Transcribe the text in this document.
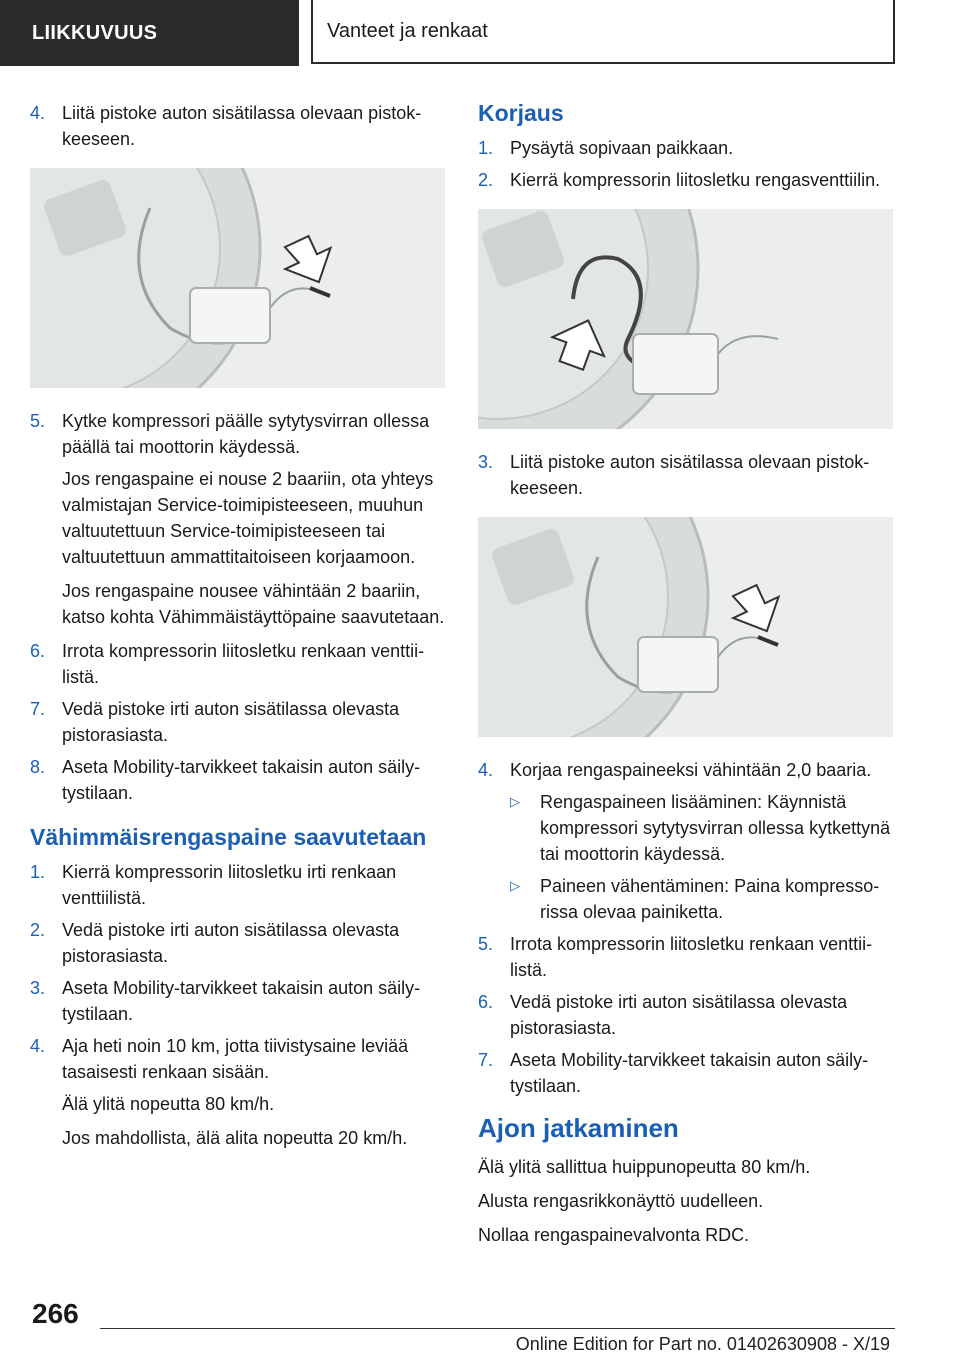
LIIKKUVUUS	Vanteet ja renkaat
4. Liitä pistoke auton sisätilassa olevaan pistokkeeseen.
5. Kytke kompressori päälle sytytysvirran ollessa päällä tai moottorin käydessä.
Jos rengaspaine ei nouse 2 baariin, ota yhteys valmistajan Service-toimipisteeseen, muuhun valtuutettuun Service-toimipisteeseen tai valtuutettuun ammattitaitoiseen korjaamoon.
Jos rengaspaine nousee vähintään 2 baariin, katso kohta Vähimmäistäyttöpaine saavutetaan.
6. Irrota kompressorin liitosletku renkaan venttiilistä.
7. Vedä pistoke irti auton sisätilassa olevasta pistorasiasta.
8. Aseta Mobility-tarvikkeet takaisin auton säilytystilaan.
Vähimmäisrengaspaine saavutetaan
1. Kierrä kompressorin liitosletku irti renkaan venttiilistä.
2. Vedä pistoke irti auton sisätilassa olevasta pistorasiasta.
3. Aseta Mobility-tarvikkeet takaisin auton säilytystilaan.
4. Aja heti noin 10 km, jotta tiivistysaine leviää tasaisesti renkaan sisään.
Älä ylitä nopeutta 80 km/h.
Jos mahdollista, älä alita nopeutta 20 km/h.
Korjaus
1. Pysäytä sopivaan paikkaan.
2. Kierrä kompressorin liitosletku rengasventtiilin.
3. Liitä pistoke auton sisätilassa olevaan pistokkeeseen.
4. Korjaa rengaspaineeksi vähintään 2,0 baaria.
▷	Rengaspaineen lisääminen: Käynnistä kompressori sytytysvirran ollessa kytkettynä tai moottorin käydessä.
▷	Paineen vähentäminen: Paina kompressorissa olevaa painiketta.
5. Irrota kompressorin liitosletku renkaan venttiilistä.
6. Vedä pistoke irti auton sisätilassa olevasta pistorasiasta.
7. Aseta Mobility-tarvikkeet takaisin auton säilytystilaan.
Ajon jatkaminen
Älä ylitä sallittua huippunopeutta 80 km/h.
Alusta rengasrikkonäyttö uudelleen.
Nollaa rengaspainevalvonta RDC.
266
Online Edition for Part no. 01402630908 - X/19
